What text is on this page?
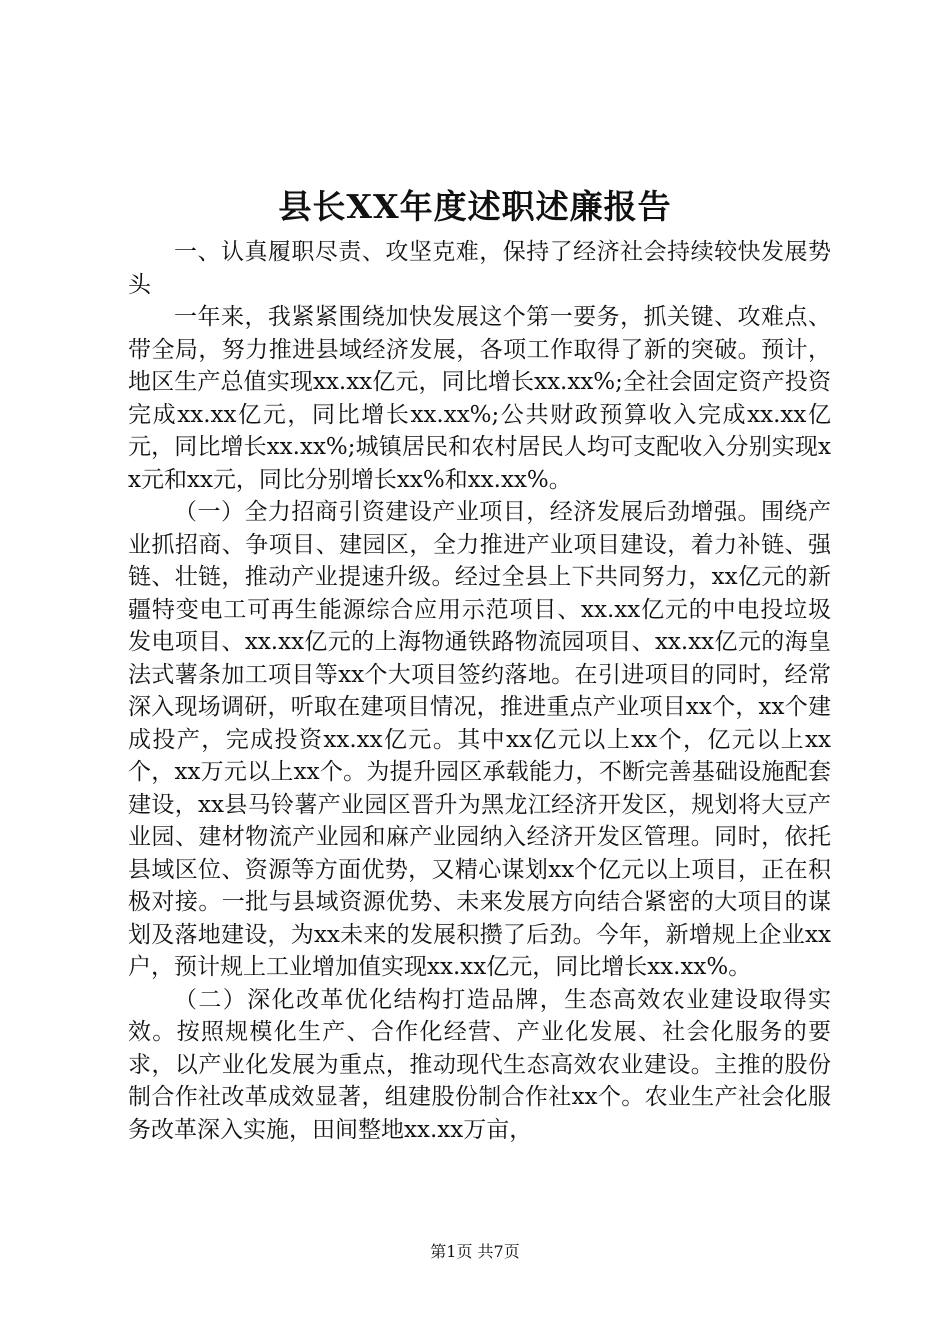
县长XX年度述职述廉报告

一、认真履职尽责、攻坚克难，保持了经济社会持续较快发展势头

一年来，我紧紧围绕加快发展这个第一要务，抓关键、攻难点、带全局，努力推进县域经济发展，各项工作取得了新的突破。预计，地区生产总值实现xx.xx亿元，同比增长xx.xx%;全社会固定资产投资完成xx.xx亿元，同比增长xx.xx%;公共财政预算收入完成xx.xx亿元，同比增长xx.xx%;城镇居民和农村居民人均可支配收入分别实现xx元和xx元，同比分别增长xx%和xx.xx%。

（一）全力招商引资建设产业项目，经济发展后劲增强。围绕产业抓招商、争项目、建园区，全力推进产业项目建设，着力补链、强链、壮链，推动产业提速升级。经过全县上下共同努力，xx亿元的新疆特变电工可再生能源综合应用示范项目、xx.xx亿元的中电投垃圾发电项目、xx.xx亿元的上海物通铁路物流园项目、xx.xx亿元的海皇法式薯条加工项目等xx个大项目签约落地。在引进项目的同时，经常深入现场调研，听取在建项目情况，推进重点产业项目xx个，xx个建成投产，完成投资xx.xx亿元。其中xx亿元以上xx个，亿元以上xx个，xx万元以上xx个。为提升园区承载能力，不断完善基础设施配套建设，xx县马铃薯产业园区晋升为黑龙江经济开发区，规划将大豆产业园、建材物流产业园和麻产业园纳入经济开发区管理。同时，依托县域区位、资源等方面优势，又精心谋划xx个亿元以上项目，正在积极对接。一批与县域资源优势、未来发展方向结合紧密的大项目的谋划及落地建设，为xx未来的发展积攒了后劲。今年，新增规上企业xx户，预计规上工业增加值实现xx.xx亿元，同比增长xx.xx%。

（二）深化改革优化结构打造品牌，生态高效农业建设取得实效。按照规模化生产、合作化经营、产业化发展、社会化服务的要求，以产业化发展为重点，推动现代生态高效农业建设。主推的股份制合作社改革成效显著，组建股份制合作社xx个。农业生产社会化服务改革深入实施，田间整地xx.xx万亩，

第1页 共7页
